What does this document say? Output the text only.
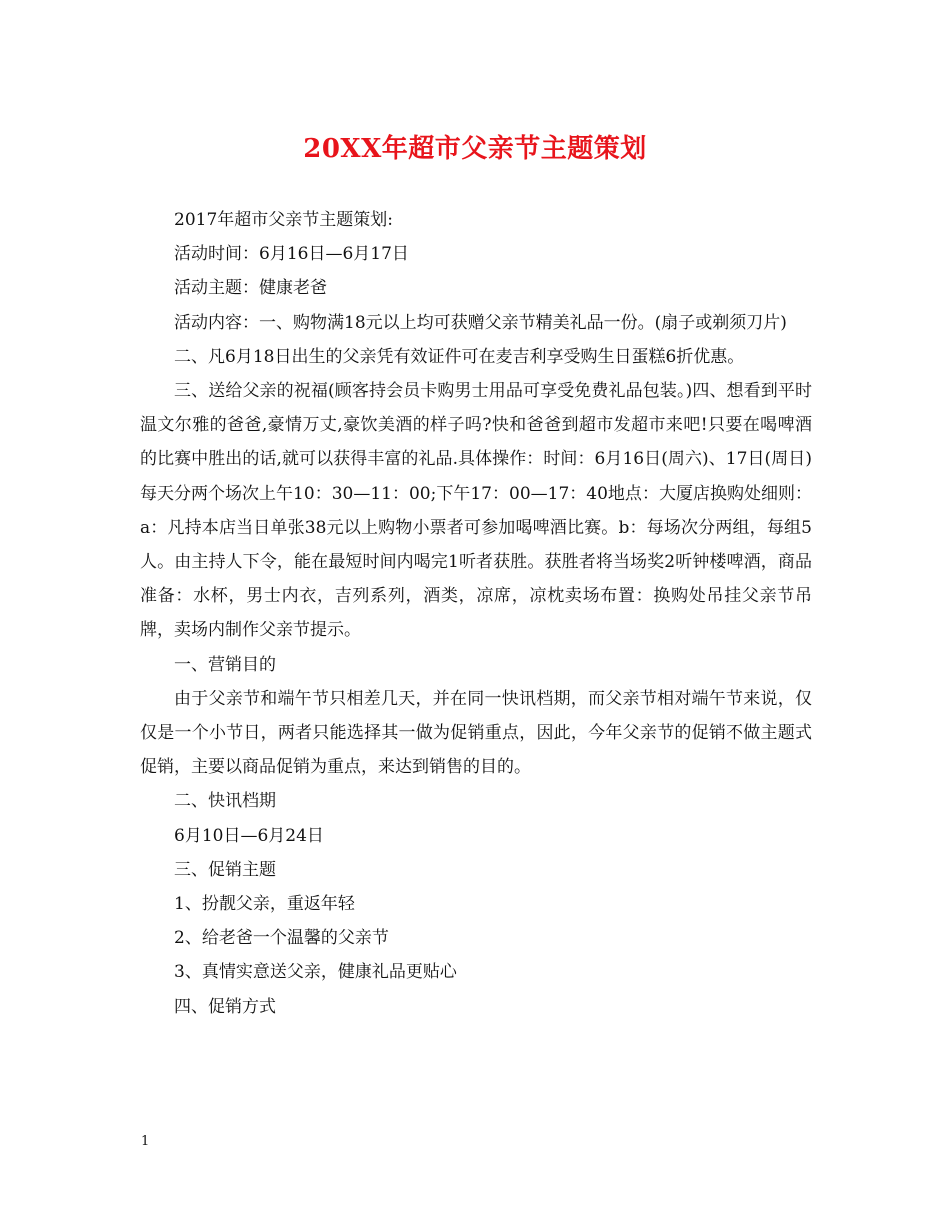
20XX年超市父亲节主题策划

2017年超市父亲节主题策划:

活动时间：6月16日—6月17日

活动主题：健康老爸

活动内容：一、购物满18元以上均可获赠父亲节精美礼品一份。(扇子或剃须刀片)

二、凡6月18日出生的父亲凭有效证件可在麦吉利享受购生日蛋糕6折优惠。

三、送给父亲的祝福(顾客持会员卡购男士用品可享受免费礼品包装。)四、想看到平时温文尔雅的爸爸,豪情万丈,豪饮美酒的样子吗?快和爸爸到超市发超市来吧!只要在喝啤酒的比赛中胜出的话,就可以获得丰富的礼品.具体操作：时间：6月16日(周六)、17日(周日)每天分两个场次上午10：30—11：00;下午17：00—17：40地点：大厦店换购处细则：a：凡持本店当日单张38元以上购物小票者可参加喝啤酒比赛。b：每场次分两组，每组5人。由主持人下令，能在最短时间内喝完1听者获胜。获胜者将当场奖2听钟楼啤酒，商品准备：水杯，男士内衣，吉列系列，酒类，凉席，凉枕卖场布置：换购处吊挂父亲节吊牌，卖场内制作父亲节提示。

一、营销目的

由于父亲节和端午节只相差几天，并在同一快讯档期，而父亲节相对端午节来说，仅仅是一个小节日，两者只能选择其一做为促销重点，因此，今年父亲节的促销不做主题式促销，主要以商品促销为重点，来达到销售的目的。

二、快讯档期

6月10日—6月24日

三、促销主题

1、扮靓父亲，重返年轻

2、给老爸一个温馨的父亲节

3、真情实意送父亲，健康礼品更贴心

四、促销方式

1
